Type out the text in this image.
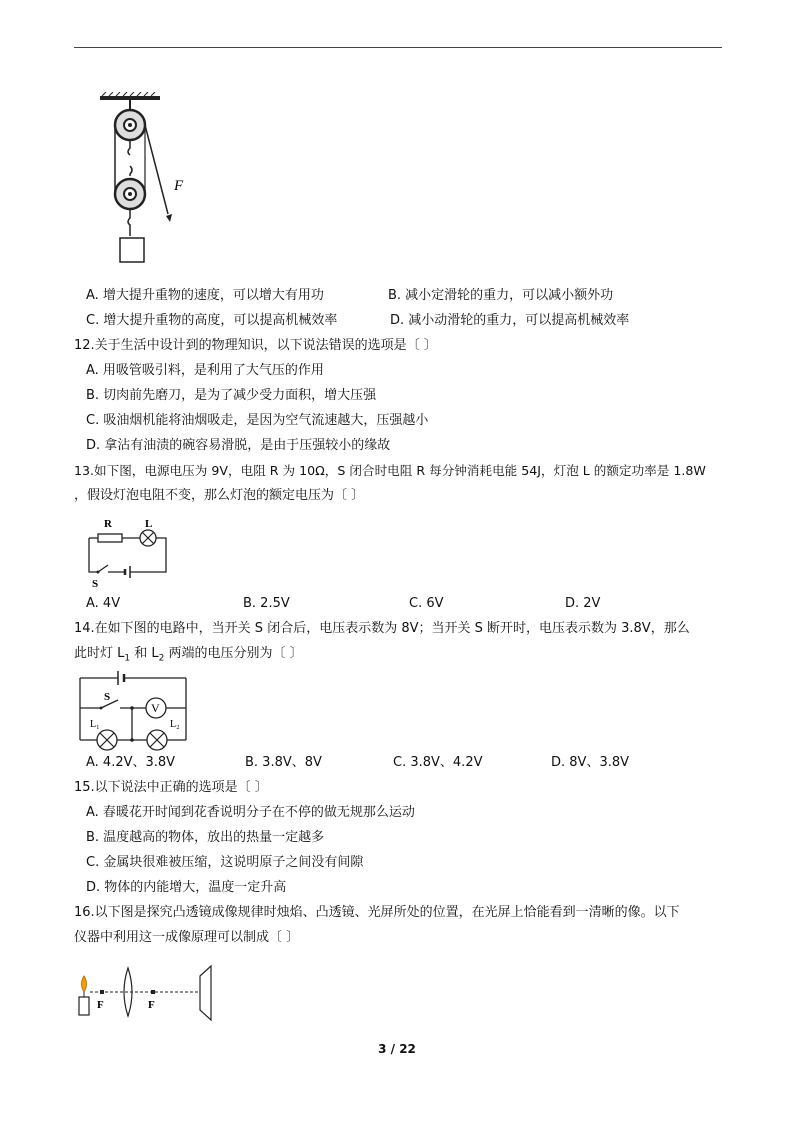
F
A. 增大提升重物的速度，可以增大有用功	B. 减小定滑轮的重力，可以减小额外功
C. 增大提升重物的高度，可以提高机械效率	D. 减小动滑轮的重力，可以提高机械效率
12.关于生活中设计到的物理知识，以下说法错误的选项是〔 〕
A. 用吸管吸引料，是利用了大气压的作用
B. 切肉前先磨刀，是为了减少受力面积，增大压强
C. 吸油烟机能将油烟吸走，是因为空气流速越大，压强越小
D. 拿沾有油渍的碗容易滑脱，是由于压强较小的缘故
13.如下图，电源电压为 9V，电阻 R 为 10Ω，S 闭合时电阻 R 每分钟消耗电能 54J，灯泡 L 的额定功率是 1.8W
，假设灯泡电阻不变，那么灯泡的额定电压为〔 〕
R	L
S
A. 4V	B. 2.5V	C. 6V	D. 2V
14.在如下图的电路中，当开关 S 闭合后，电压表示数为 8V；当开关 S 断开时，电压表示数为 3.8V，那么
此时灯 $L_1$ 和 $L_2$ 两端的电压分别为〔 〕
S
V
L₁	L₂
A. 4.2V、3.8V	B. 3.8V、8V	C. 3.8V、4.2V	D. 8V、3.8V
15.以下说法中正确的选项是〔 〕
A. 春暖花开时闻到花香说明分子在不停的做无规那么运动
B. 温度越高的物体，放出的热量一定越多
C. 金属块很难被压缩，这说明原子之间没有间隙
D. 物体的内能增大，温度一定升高
16.以下图是探究凸透镜成像规律时烛焰、凸透镜、光屏所处的位置，在光屏上恰能看到一清晰的像。以下
仪器中利用这一成像原理可以制成〔 〕
F	F
3 / 22
